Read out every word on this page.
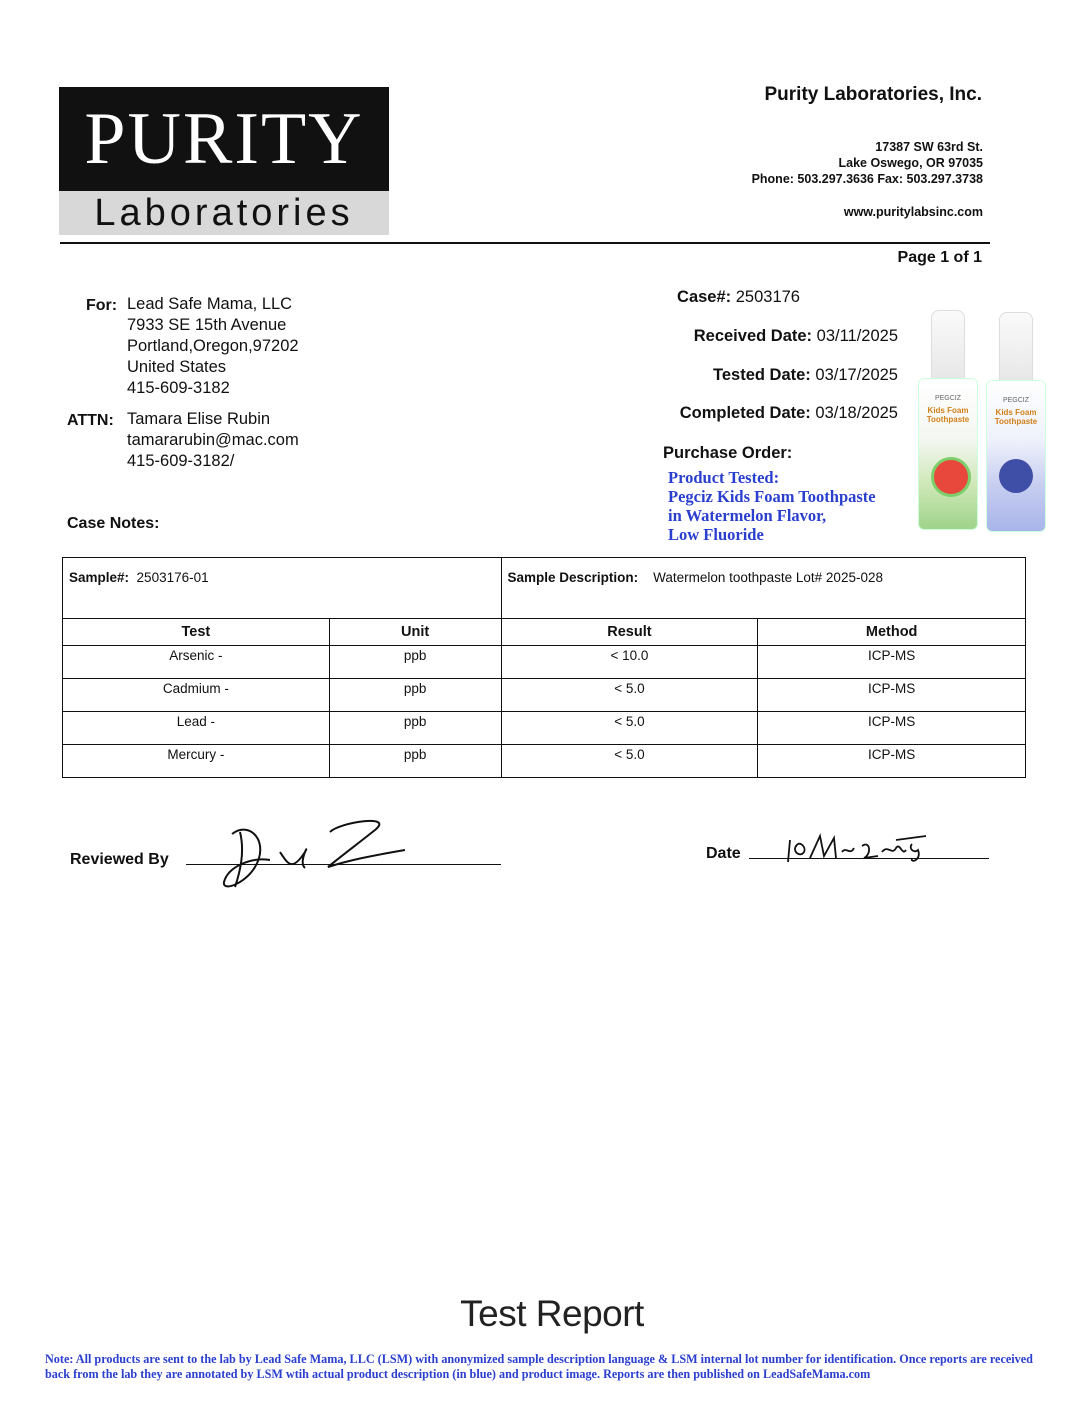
PURITY
Laboratories
Purity Laboratories, Inc.
17387 SW 63rd St.
Lake Oswego, OR 97035
Phone: 503.297.3636 Fax: 503.297.3738
www.puritylabsinc.com
Page 1 of 1
For: Lead Safe Mama, LLC
7933 SE 15th Avenue
Portland,Oregon,97202
United States
415-609-3182
ATTN: Tamara Elise Rubin
tamararubin@mac.com
415-609-3182/
Case Notes:
Case#: 2503176
Received Date: 03/11/2025
Tested Date: 03/17/2025
Completed Date: 03/18/2025
Purchase Order:
Product Tested:
Pegciz Kids Foam Toothpaste
in Watermelon Flavor,
Low Fluoride
PEGCIZ
Kids Foam
Toothpaste
PEGCIZ
Kids Foam
Toothpaste
Sample#: 2503176-01		Sample Description: Watermelon toothpaste Lot# 2025-028	
Test	Unit	Result	Method
Arsenic -	ppb	< 10.0	ICP-MS
Cadmium -	ppb	< 5.0	ICP-MS
Lead -	ppb	< 5.0	ICP-MS
Mercury -	ppb	< 5.0	ICP-MS
Reviewed By	Date
Test Report
Note: All products are sent to the lab by Lead Safe Mama, LLC (LSM) with anonymized sample description language & LSM internal lot number for identification. Once reports are received back from the lab they are annotated by LSM wtih actual product description (in blue) and product image. Reports are then published on LeadSafeMama.com
